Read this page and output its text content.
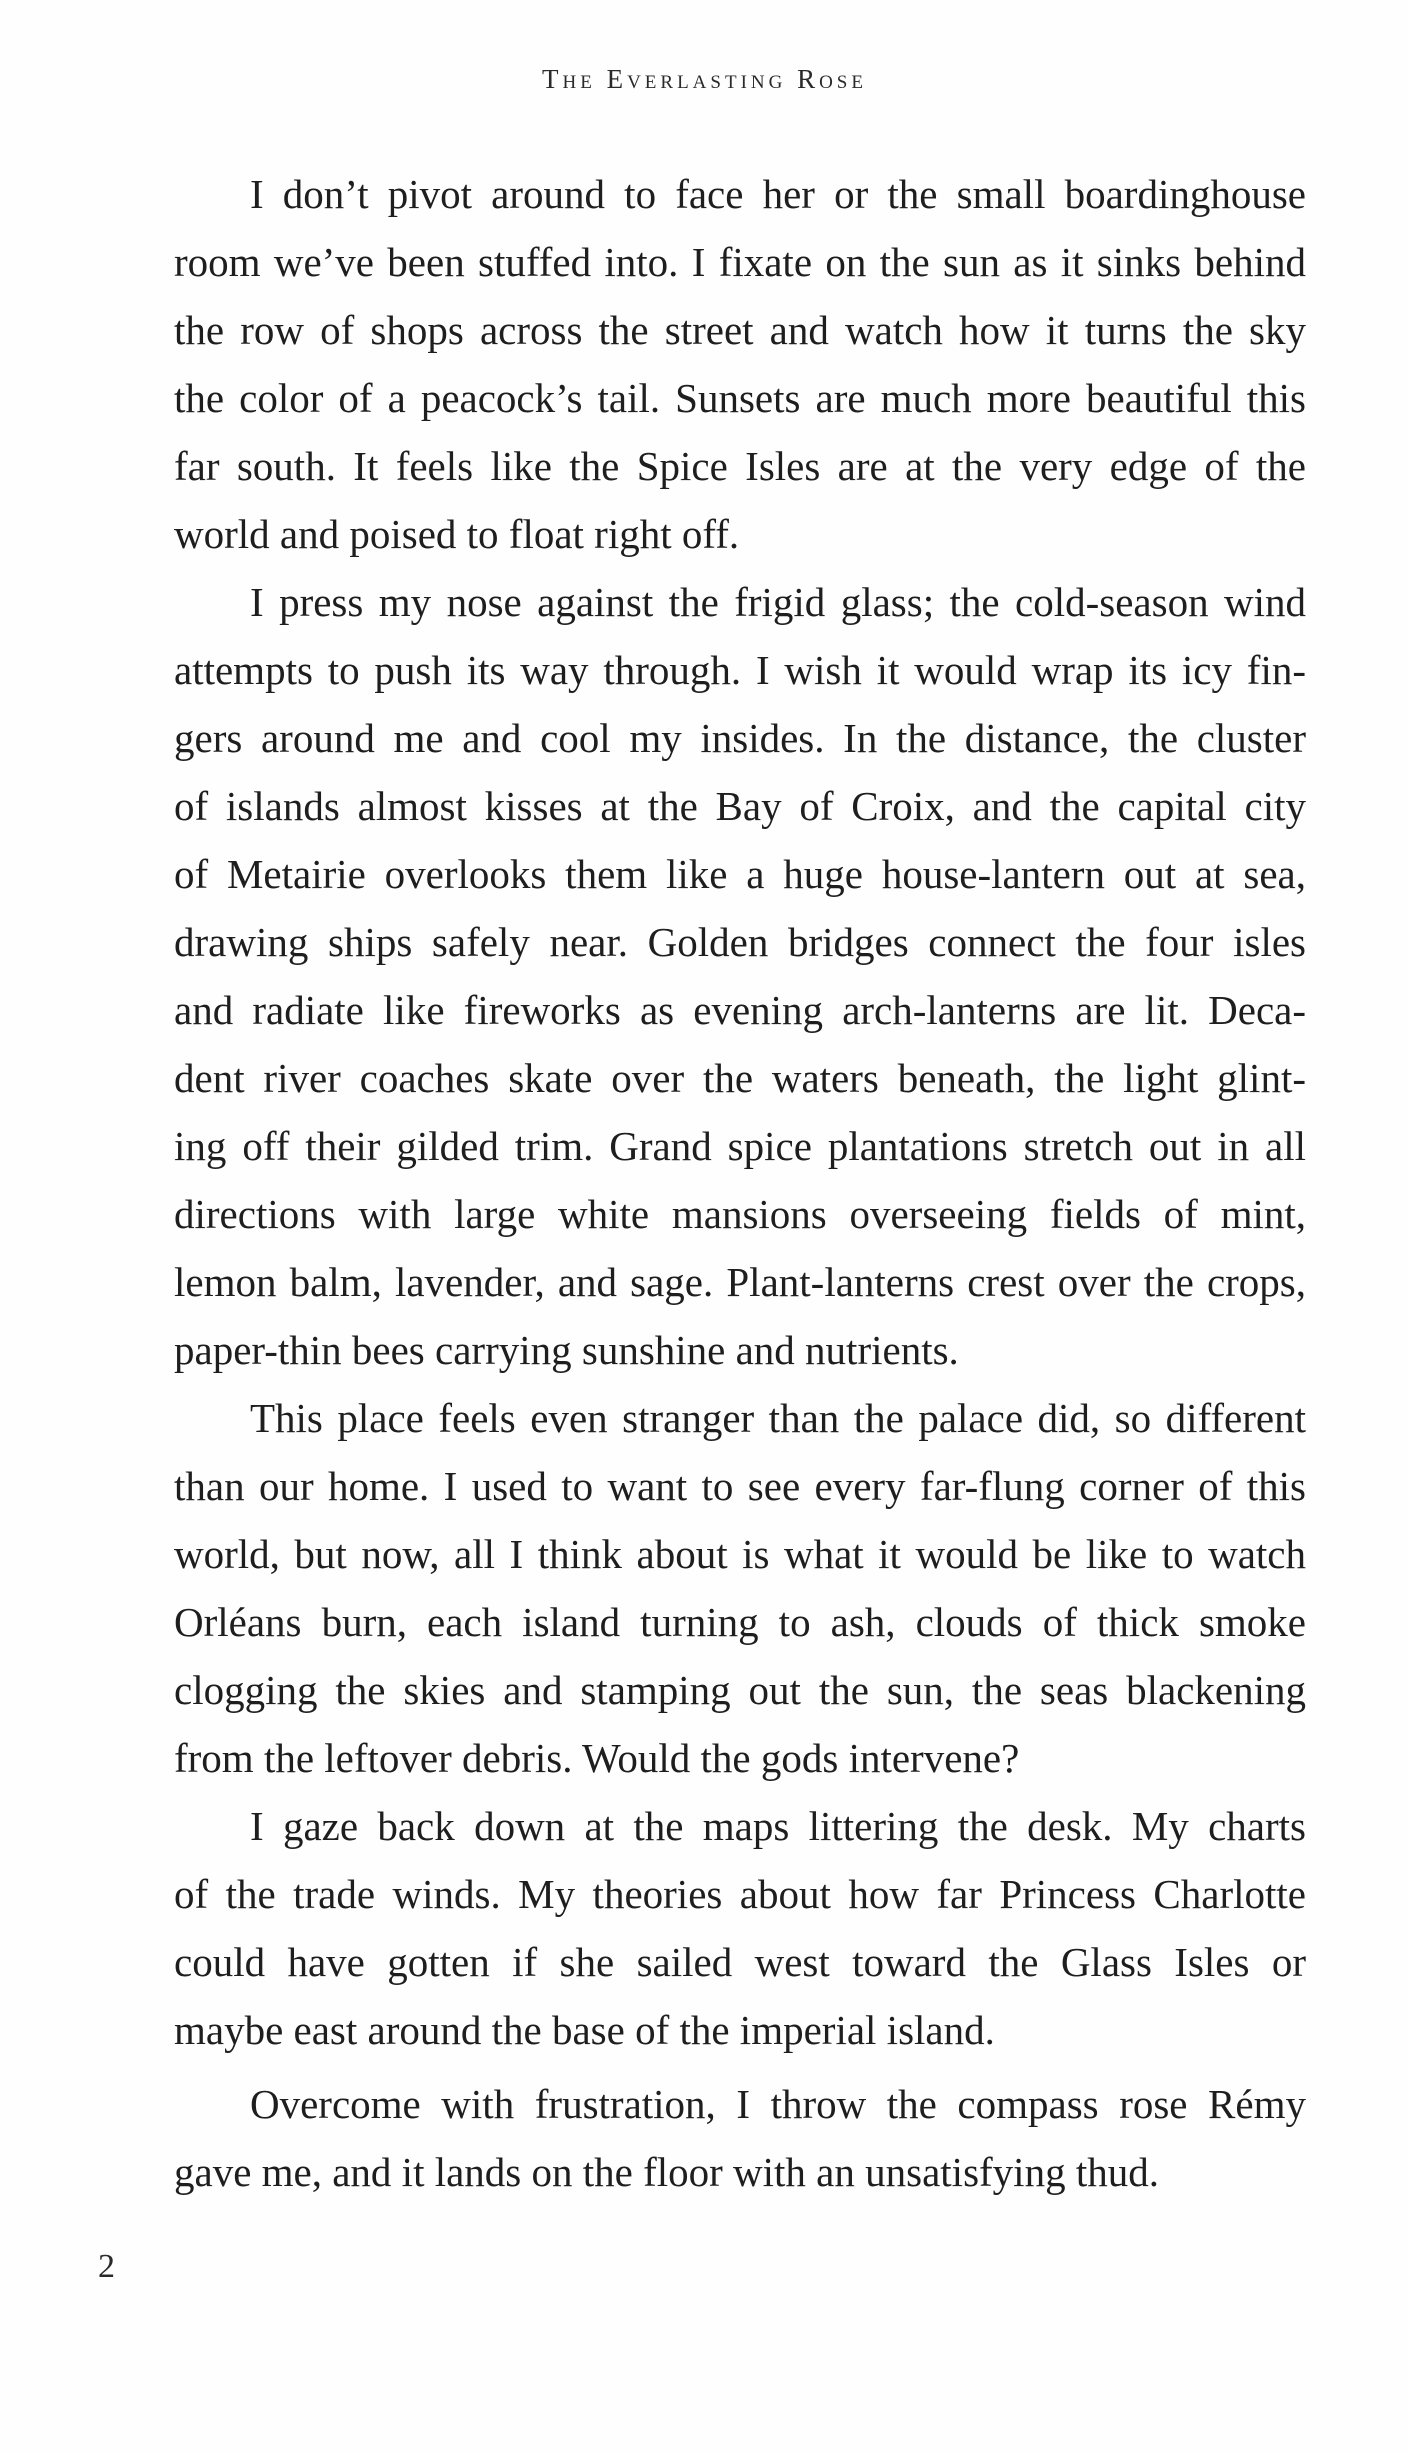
The Everlasting Rose

I don’t pivot around to face her or the small boardinghouse
room we’ve been stuffed into. I fixate on the sun as it sinks behind
the row of shops across the street and watch how it turns the sky
the color of a peacock’s tail. Sunsets are much more beautiful this
far south. It feels like the Spice Isles are at the very edge of the
world and poised to float right off.

I press my nose against the frigid glass; the cold-season wind
attempts to push its way through. I wish it would wrap its icy fin-
gers around me and cool my insides. In the distance, the cluster
of islands almost kisses at the Bay of Croix, and the capital city
of Metairie overlooks them like a huge house-lantern out at sea,
drawing ships safely near. Golden bridges connect the four isles
and radiate like fireworks as evening arch-lanterns are lit. Deca-
dent river coaches skate over the waters beneath, the light glint-
ing off their gilded trim. Grand spice plantations stretch out in all
directions with large white mansions overseeing fields of mint,
lemon balm, lavender, and sage. Plant-lanterns crest over the crops,
paper-thin bees carrying sunshine and nutrients.

This place feels even stranger than the palace did, so different
than our home. I used to want to see every far-flung corner of this
world, but now, all I think about is what it would be like to watch
Orléans burn, each island turning to ash, clouds of thick smoke
clogging the skies and stamping out the sun, the seas blackening
from the leftover debris. Would the gods intervene?

I gaze back down at the maps littering the desk. My charts
of the trade winds. My theories about how far Princess Charlotte
could have gotten if she sailed west toward the Glass Isles or
maybe east around the base of the imperial island.

Overcome with frustration, I throw the compass rose Rémy
gave me, and it lands on the floor with an unsatisfying thud.

2
